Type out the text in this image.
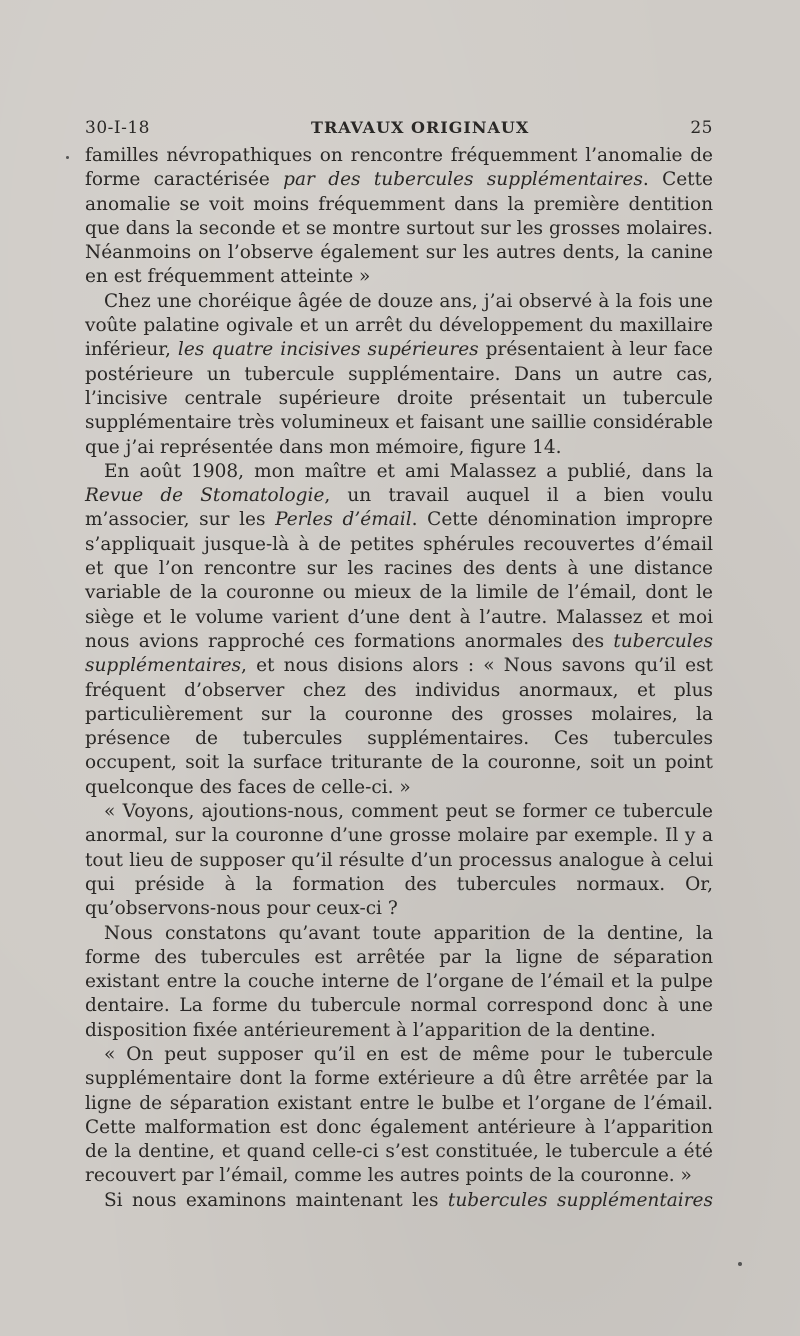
30-I-18	TRAVAUX ORIGINAUX	25

familles névropathiques on rencontre fréquemment l’anomalie de forme caractérisée par des tubercules supplémentaires. Cette anomalie se voit moins fréquemment dans la première dentition que dans la seconde et se montre surtout sur les grosses molaires. Néanmoins on l’observe également sur les autres dents, la canine en est fréquemment atteinte »

Chez une choréique âgée de douze ans, j’ai observé à la fois une voûte palatine ogivale et un arrêt du développement du maxillaire inférieur, les quatre incisives supérieures présentaient à leur face postérieure un tubercule supplémentaire. Dans un autre cas, l’incisive centrale supérieure droite présentait un tubercule supplémentaire très volumineux et faisant une saillie considérable que j’ai représentée dans mon mémoire, figure 14.

En août 1908, mon maître et ami Malassez a publié, dans la Revue de Stomatologie, un travail auquel il a bien voulu m’associer, sur les Perles d’émail. Cette dénomination impropre s’appliquait jusque-là à de petites sphérules recouvertes d’émail et que l’on rencontre sur les racines des dents à une distance variable de la couronne ou mieux de la limile de l’émail, dont le siège et le volume varient d’une dent à l’autre. Malassez et moi nous avions rapproché ces formations anormales des tubercules supplémentaires, et nous disions alors : « Nous savons qu’il est fréquent d’observer chez des individus anormaux, et plus particulièrement sur la couronne des grosses molaires, la présence de tubercules supplémentaires. Ces tubercules occupent, soit la surface triturante de la couronne, soit un point quelconque des faces de celle-ci. »

« Voyons, ajoutions-nous, comment peut se former ce tubercule anormal, sur la couronne d’une grosse molaire par exemple. Il y a tout lieu de supposer qu’il résulte d’un processus analogue à celui qui préside à la formation des tubercules normaux. Or, qu’observons-nous pour ceux-ci ?

Nous constatons qu’avant toute apparition de la dentine, la forme des tubercules est arrêtée par la ligne de séparation existant entre la couche interne de l’organe de l’émail et la pulpe dentaire. La forme du tubercule normal correspond donc à une disposition fixée antérieurement à l’apparition de la dentine.

« On peut supposer qu’il en est de même pour le tubercule supplémentaire dont la forme extérieure a dû être arrêtée par la ligne de séparation existant entre le bulbe et l’organe de l’émail. Cette malformation est donc également antérieure à l’apparition de la dentine, et quand celle-ci s’est constituée, le tubercule a été recouvert par l’émail, comme les autres points de la couronne. »

Si nous examinons maintenant les tubercules supplémentaires
